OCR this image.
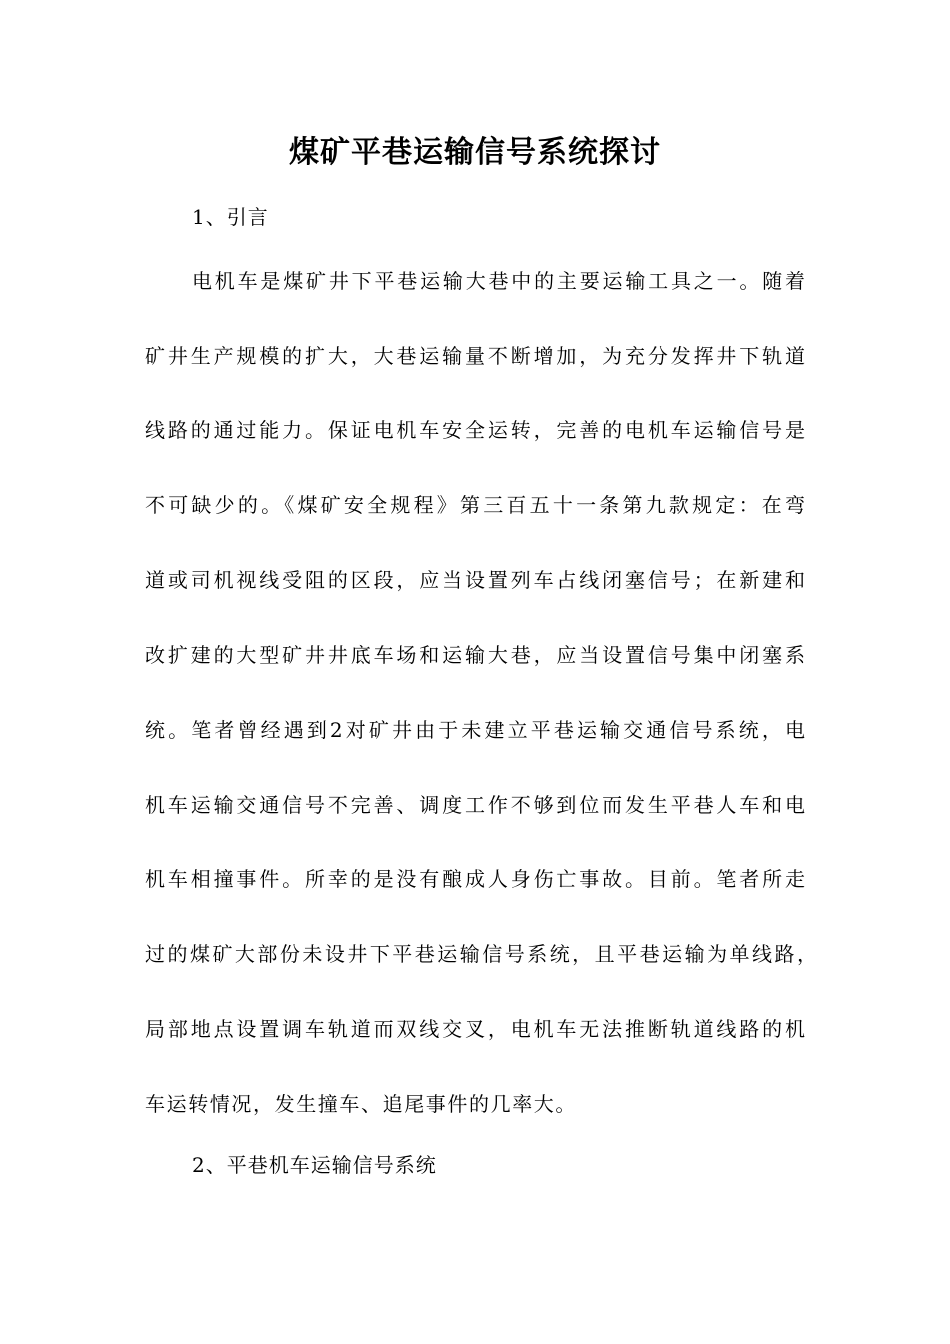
煤矿平巷运输信号系统探讨
1、引言
电机车是煤矿井下平巷运输大巷中的主要运输工具之一。随着
矿井生产规模的扩大，大巷运输量不断增加，为充分发挥井下轨道
线路的通过能力。保证电机车安全运转，完善的电机车运输信号是
不可缺少的。《煤矿安全规程》第三百五十一条第九款规定：在弯
道或司机视线受阻的区段，应当设置列车占线闭塞信号；在新建和
改扩建的大型矿井井底车场和运输大巷，应当设置信号集中闭塞系
统。笔者曾经遇到2对矿井由于未建立平巷运输交通信号系统，电
机车运输交通信号不完善、调度工作不够到位而发生平巷人车和电
机车相撞事件。所幸的是没有酿成人身伤亡事故。目前。笔者所走
过的煤矿大部份未设井下平巷运输信号系统，且平巷运输为单线路，
局部地点设置调车轨道而双线交叉，电机车无法推断轨道线路的机
车运转情况，发生撞车、追尾事件的几率大。
2、平巷机车运输信号系统
